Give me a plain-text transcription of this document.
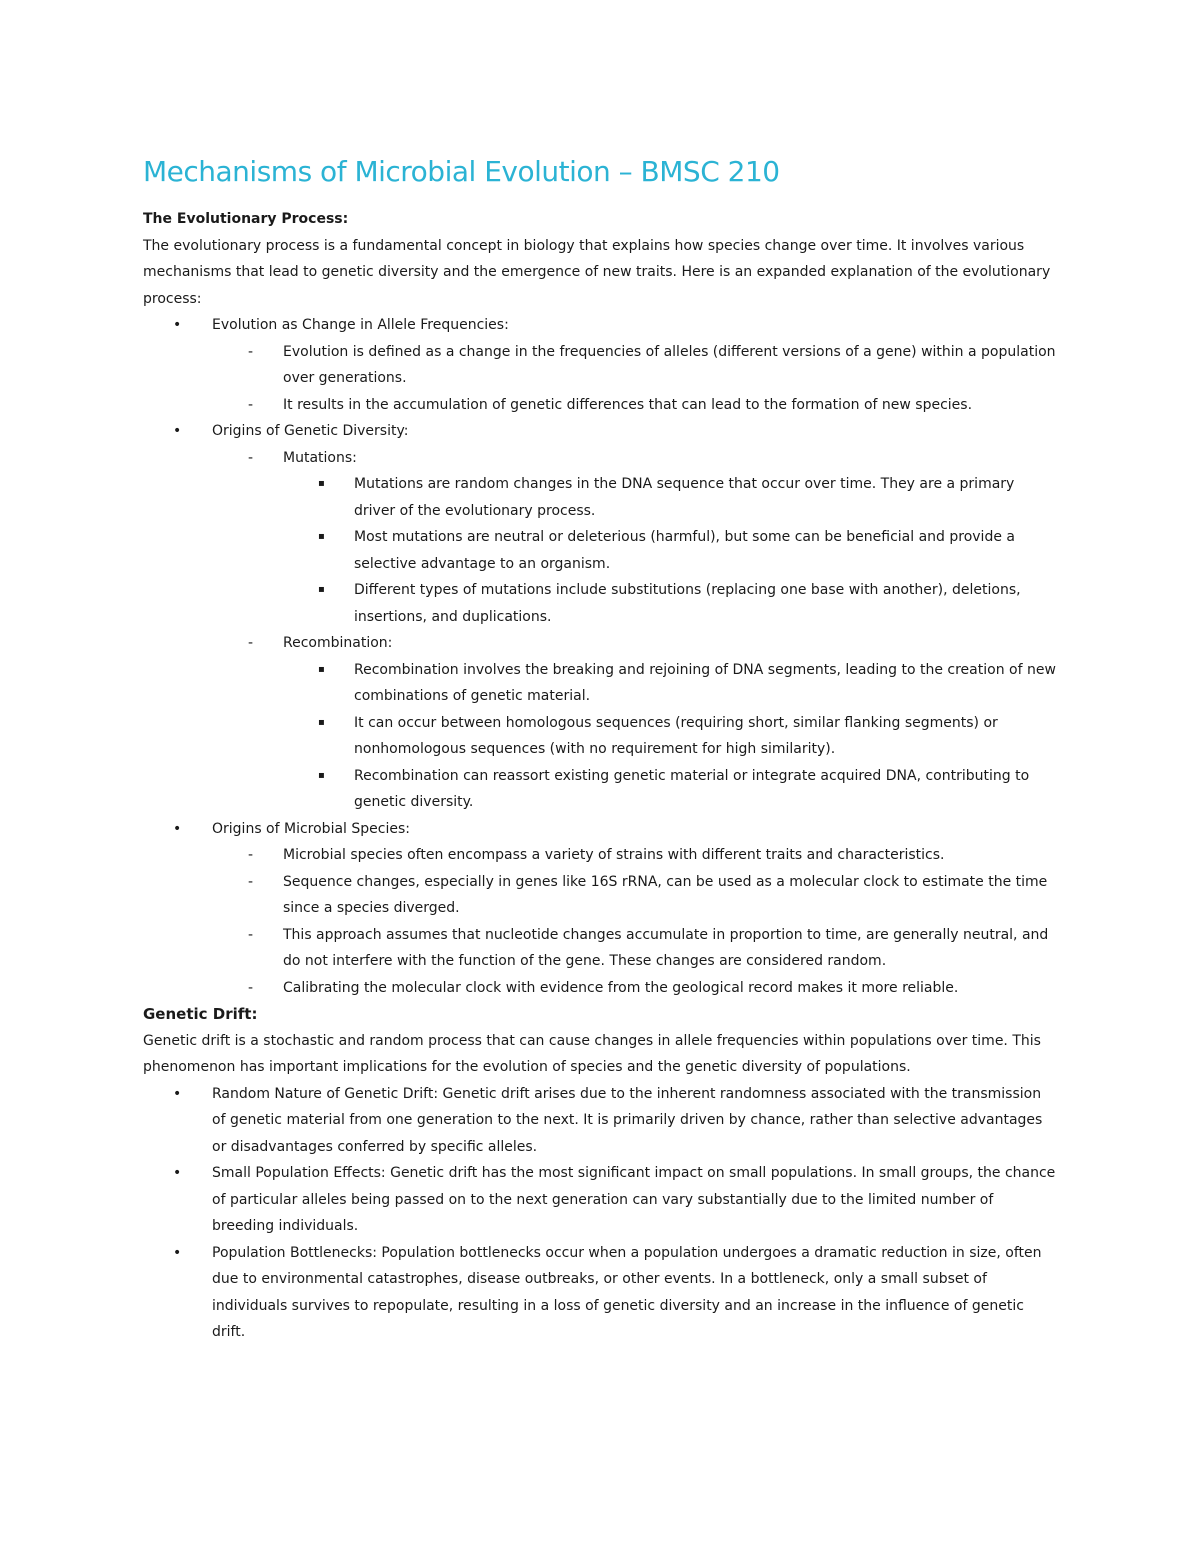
Mechanisms of Microbial Evolution – BMSC 210
The Evolutionary Process:

The evolutionary process is a fundamental concept in biology that explains how species change over time. It involves various mechanisms that lead to genetic diversity and the emergence of new traits. Here is an expanded explanation of the evolutionary process:

• Evolution as Change in Allele Frequencies:
- Evolution is defined as a change in the frequencies of alleles (different versions of a gene) within a population over generations.
- It results in the accumulation of genetic differences that can lead to the formation of new species.
• Origins of Genetic Diversity:
- Mutations:
▪ Mutations are random changes in the DNA sequence that occur over time. They are a primary driver of the evolutionary process.
▪ Most mutations are neutral or deleterious (harmful), but some can be beneficial and provide a selective advantage to an organism.
▪ Different types of mutations include substitutions (replacing one base with another), deletions, insertions, and duplications.
- Recombination:
▪ Recombination involves the breaking and rejoining of DNA segments, leading to the creation of new combinations of genetic material.
▪ It can occur between homologous sequences (requiring short, similar flanking segments) or nonhomologous sequences (with no requirement for high similarity).
▪ Recombination can reassort existing genetic material or integrate acquired DNA, contributing to genetic diversity.
• Origins of Microbial Species:
- Microbial species often encompass a variety of strains with different traits and characteristics.
- Sequence changes, especially in genes like 16S rRNA, can be used as a molecular clock to estimate the time since a species diverged.
- This approach assumes that nucleotide changes accumulate in proportion to time, are generally neutral, and do not interfere with the function of the gene. These changes are considered random.
- Calibrating the molecular clock with evidence from the geological record makes it more reliable.
Genetic Drift:

Genetic drift is a stochastic and random process that can cause changes in allele frequencies within populations over time. This phenomenon has important implications for the evolution of species and the genetic diversity of populations.

• Random Nature of Genetic Drift: Genetic drift arises due to the inherent randomness associated with the transmission of genetic material from one generation to the next. It is primarily driven by chance, rather than selective advantages or disadvantages conferred by specific alleles.
• Small Population Effects: Genetic drift has the most significant impact on small populations. In small groups, the chance of particular alleles being passed on to the next generation can vary substantially due to the limited number of breeding individuals.
• Population Bottlenecks: Population bottlenecks occur when a population undergoes a dramatic reduction in size, often due to environmental catastrophes, disease outbreaks, or other events. In a bottleneck, only a small subset of individuals survives to repopulate, resulting in a loss of genetic diversity and an increase in the influence of genetic drift.
